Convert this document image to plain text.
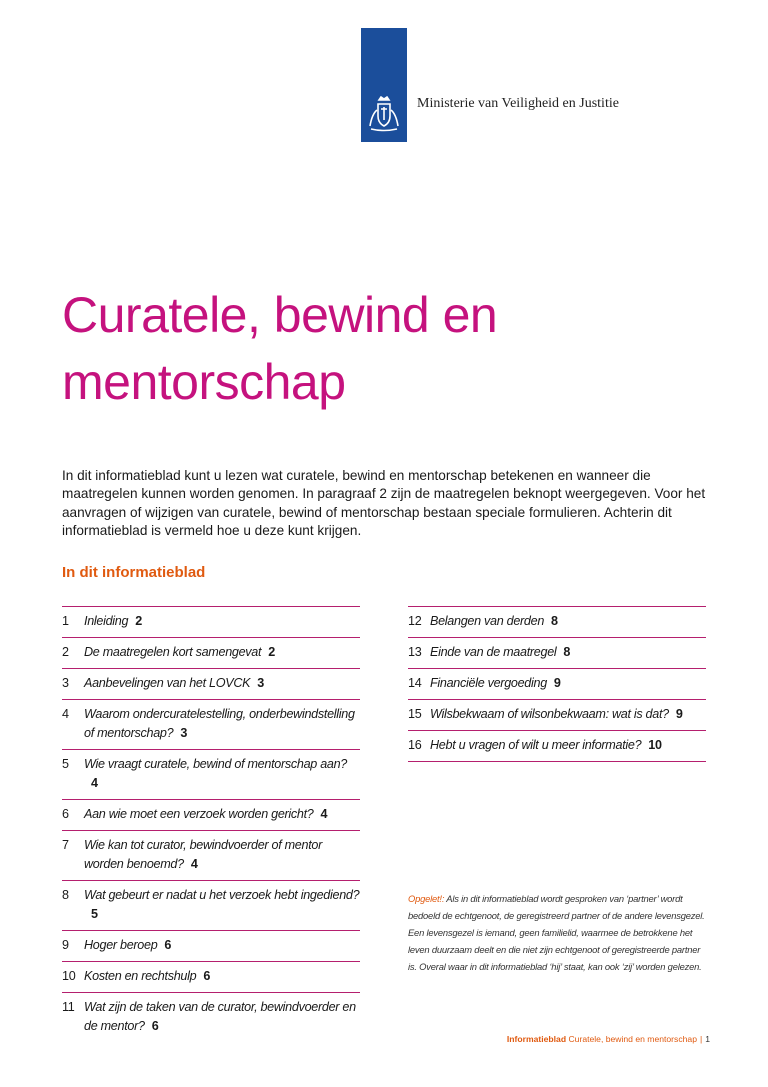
Ministerie van Veiligheid en Justitie
Curatele, bewind en mentorschap

In dit informatieblad kunt u lezen wat curatele, bewind en mentorschap betekenen en wanneer die maatregelen kunnen worden genomen. In paragraaf 2 zijn de maatregelen beknopt weergegeven. Voor het aanvragen of wijzigen van curatele, bewind of mentorschap bestaan speciale formulieren. Achterin dit informatieblad is vermeld hoe u deze kunt krijgen.

In dit informatieblad
1	Inleiding 2
2	De maatregelen kort samengevat 2
3	Aanbevelingen van het LOVCK 3
4	Waarom ondercuratelestelling, onderbewindstelling of mentorschap? 3
5	Wie vraagt curatele, bewind of mentorschap aan?4
6	Aan wie moet een verzoek worden gericht? 4
7	Wie kan tot curator, bewindvoerder of mentor worden benoemd? 4
8	Wat gebeurt er nadat u het verzoek hebt ingediend?5
9	Hoger beroep 6
10 Kosten en rechtshulp 6
11 Wat zijn de taken van de curator, bewindvoerder en de mentor? 6
12 Belangen van derden 8
13 Einde van de maatregel 8
14 Financiële vergoeding 9
15 Wilsbekwaam of wilsonbekwaam: wat is dat? 9
16 Hebt u vragen of wilt u meer informatie? 10

Opgelet!: Als in dit informatieblad wordt gesproken van ‘partner’ wordt bedoeld de echtgenoot, de geregistreerd partner of de andere levensgezel. Een levensgezel is iemand, geen familielid, waarmee de betrokkene het leven duurzaam deelt en die niet zijn echtgenoot of geregistreerde partner is. Overal waar in dit informatieblad ‘hij’ staat, kan ook ‘zij’ worden gelezen.

Informatieblad Curatele, bewind en mentorschap | 1
